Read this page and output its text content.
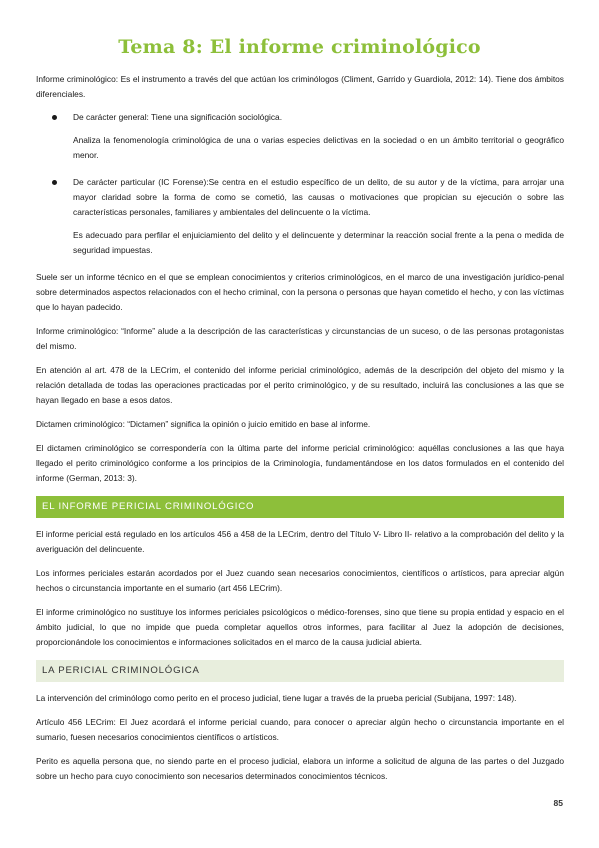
Tema 8: El informe criminológico

Informe criminológico: Es el instrumento a través del que actúan los criminólogos (Climent, Garrido y Guardiola, 2012: 14). Tiene dos ámbitos diferenciales.

De carácter general: Tiene una significación sociológica.

Analiza la fenomenología criminológica de una o varias especies delictivas en la sociedad o en un ámbito territorial o geográfico menor.

De carácter particular (IC Forense):Se centra en el estudio específico de un delito, de su autor y de la víctima, para arrojar una mayor claridad sobre la forma de como se cometió, las causas o motivaciones que propician su ejecución o sobre las características personales, familiares y ambientales del delincuente o la víctima.

Es adecuado para perfilar el enjuiciamiento del delito y el delincuente y determinar la reacción social frente a la pena o medida de seguridad impuestas.

Suele ser un informe técnico en el que se emplean conocimientos y criterios criminológicos, en el marco de una investigación jurídico-penal sobre determinados aspectos relacionados con el hecho criminal, con la persona o personas que hayan cometido el hecho, y con las víctimas que lo hayan padecido.

Informe criminológico: “Informe” alude a la descripción de las características y circunstancias de un suceso, o de las personas protagonistas del mismo.

En atención al art. 478 de la LECrim, el contenido del informe pericial criminológico, además de la descripción del objeto del mismo y la relación detallada de todas las operaciones practicadas por el perito criminológico, y de su resultado, incluirá las conclusiones a las que se hayan llegado en base a esos datos.

Dictamen criminológico: “Dictamen” significa la opinión o juicio emitido en base al informe.

El dictamen criminológico se correspondería con la última parte del informe pericial criminológico: aquéllas conclusiones a las que haya llegado el perito criminológico conforme a los principios de la Criminología, fundamentándose en los datos formulados en el contenido del informe (German, 2013: 3).

EL INFORME PERICIAL CRIMINOLÓGICO

El informe pericial está regulado en los artículos 456 a 458 de la LECrim, dentro del Título V- Libro II- relativo a la comprobación del delito y la averiguación del delincuente.

Los informes periciales estarán acordados por el Juez cuando sean necesarios conocimientos, científicos o artísticos, para apreciar algún hechos o circunstancia importante en el sumario (art 456 LECrim).

El informe criminológico no sustituye los informes periciales psicológicos o médico-forenses, sino que tiene su propia entidad y espacio en el ámbito judicial, lo que no impide que pueda completar aquellos otros informes, para facilitar al Juez la adopción de decisiones, proporcionándole los conocimientos e informaciones solicitados en el marco de la causa judicial abierta.

LA PERICIAL CRIMINOLÓGICA

La intervención del criminólogo como perito en el proceso judicial, tiene lugar a través de la prueba pericial (Subijana, 1997: 148).

Artículo 456 LECrim: El Juez acordará el informe pericial cuando, para conocer o apreciar algún hecho o circunstancia importante en el sumario, fuesen necesarios conocimientos científicos o artísticos.

Perito es aquella persona que, no siendo parte en el proceso judicial, elabora un informe a solicitud de alguna de las partes o del Juzgado sobre un hecho para cuyo conocimiento son necesarios determinados conocimientos técnicos.

85
